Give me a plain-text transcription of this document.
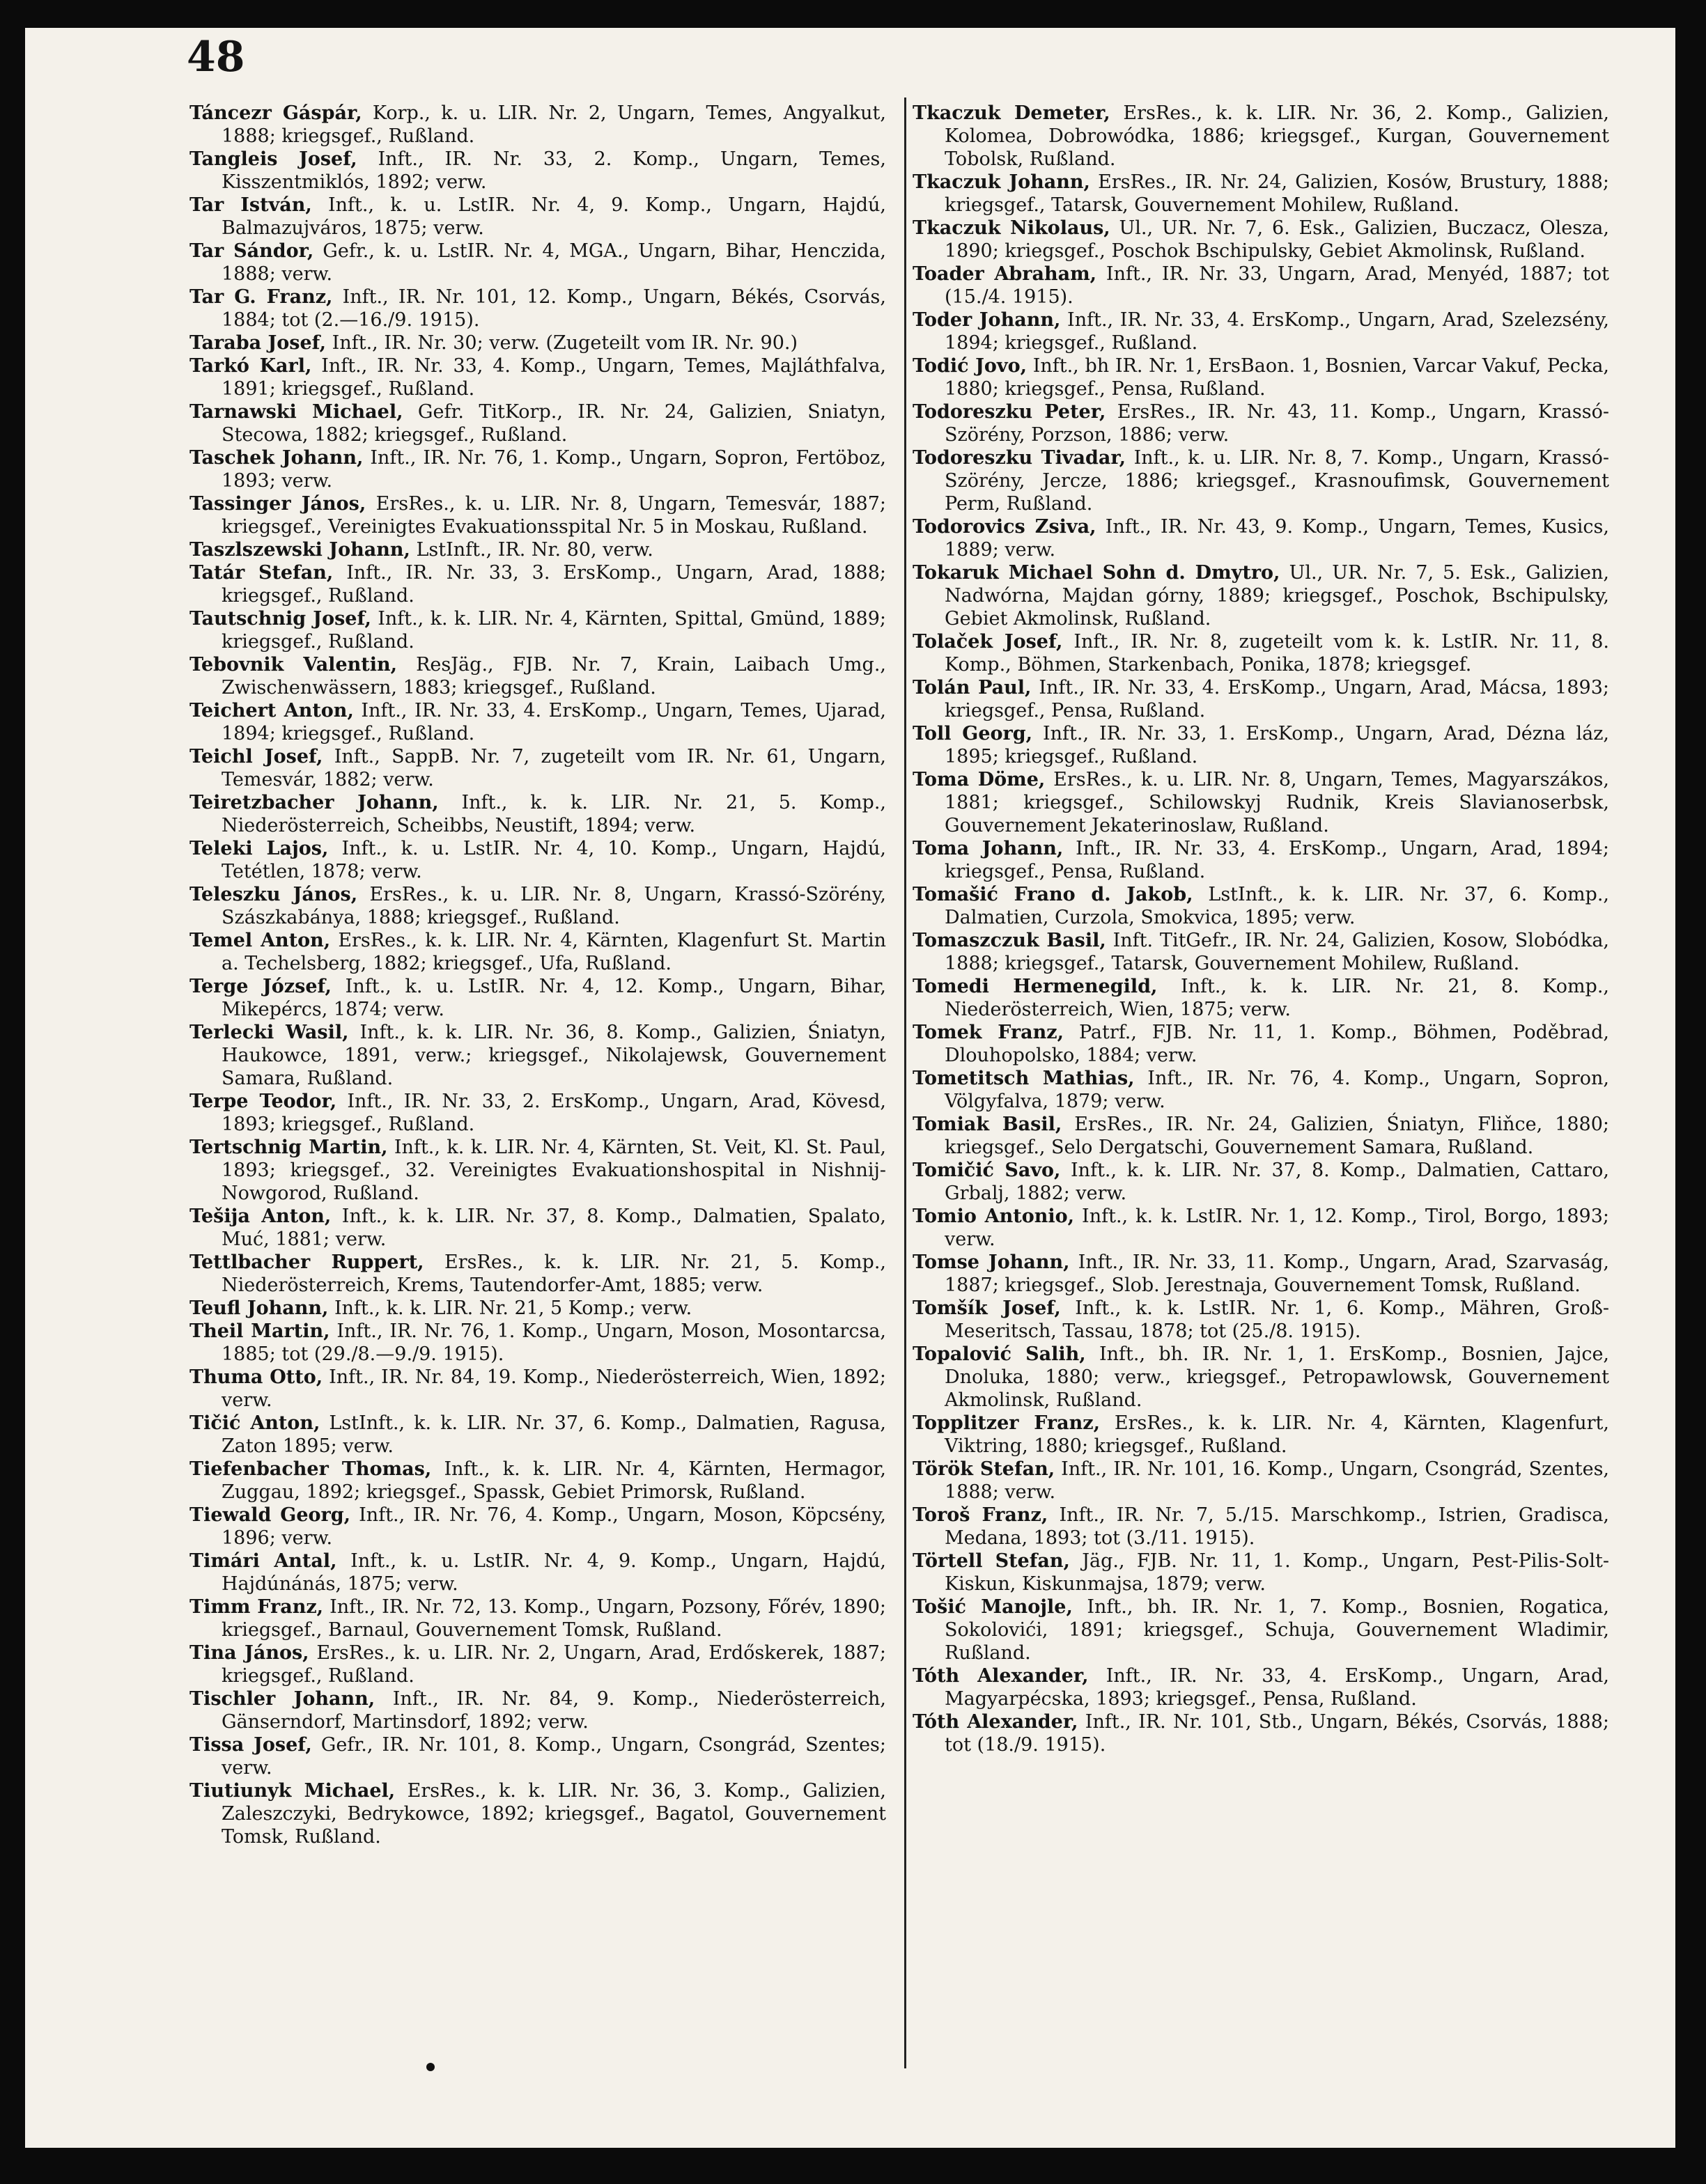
48

Táncezr Gáspár, Korp., k. u. LIR. Nr. 2, Ungarn, Temes, Angyalkut, 1888; kriegsgef., Rußland.

Tangleis Josef, Inft., IR. Nr. 33, 2. Komp., Ungarn, Temes, Kisszentmiklós, 1892; verw.

Tar István, Inft., k. u. LstIR. Nr. 4, 9. Komp., Ungarn, Hajdú, Balmazujváros, 1875; verw.

Tar Sándor, Gefr., k. u. LstIR. Nr. 4, MGA., Ungarn, Bihar, Henczida, 1888; verw.

Tar G. Franz, Inft., IR. Nr. 101, 12. Komp., Ungarn, Békés, Csorvás, 1884; tot (2.—16./9. 1915).

Taraba Josef, Inft., IR. Nr. 30; verw. (Zugeteilt vom IR. Nr. 90.)

Tarkó Karl, Inft., IR. Nr. 33, 4. Komp., Ungarn, Temes, Majláthfalva, 1891; kriegsgef., Rußland.

Tarnawski Michael, Gefr. TitKorp., IR. Nr. 24, Galizien, Sniatyn, Stecowa, 1882; kriegsgef., Rußland.

Taschek Johann, Inft., IR. Nr. 76, 1. Komp., Ungarn, Sopron, Fertöboz, 1893; verw.

Tassinger János, ErsRes., k. u. LIR. Nr. 8, Ungarn, Temesvár, 1887; kriegsgef., Vereinigtes Evakuationsspital Nr. 5 in Moskau, Rußland.

Taszlszewski Johann, LstInft., IR. Nr. 80, verw.

Tatár Stefan, Inft., IR. Nr. 33, 3. ErsKomp., Ungarn, Arad, 1888; kriegsgef., Rußland.

Tautschnig Josef, Inft., k. k. LIR. Nr. 4, Kärnten, Spittal, Gmünd, 1889; kriegsgef., Rußland.

Tebovnik Valentin, ResJäg., FJB. Nr. 7, Krain, Laibach Umg., Zwischenwässern, 1883; kriegsgef., Rußland.

Teichert Anton, Inft., IR. Nr. 33, 4. ErsKomp., Ungarn, Temes, Ujarad, 1894; kriegsgef., Rußland.

Teichl Josef, Inft., SappB. Nr. 7, zugeteilt vom IR. Nr. 61, Ungarn, Temesvár, 1882; verw.

Teiretzbacher Johann, Inft., k. k. LIR. Nr. 21, 5. Komp., Niederösterreich, Scheibbs, Neustift, 1894; verw.

Teleki Lajos, Inft., k. u. LstIR. Nr. 4, 10. Komp., Ungarn, Hajdú, Tetétlen, 1878; verw.

Teleszku János, ErsRes., k. u. LIR. Nr. 8, Ungarn, Krassó-Szörény, Szászkabánya, 1888; kriegsgef., Rußland.

Temel Anton, ErsRes., k. k. LIR. Nr. 4, Kärnten, Klagenfurt St. Martin a. Techelsberg, 1882; kriegsgef., Ufa, Rußland.

Terge József, Inft., k. u. LstIR. Nr. 4, 12. Komp., Ungarn, Bihar, Mikepércs, 1874; verw.

Terlecki Wasil, Inft., k. k. LIR. Nr. 36, 8. Komp., Galizien, Śniatyn, Haukowce, 1891, verw.; kriegsgef., Nikolajewsk, Gouvernement Samara, Rußland.

Terpe Teodor, Inft., IR. Nr. 33, 2. ErsKomp., Ungarn, Arad, Kövesd, 1893; kriegsgef., Rußland.

Tertschnig Martin, Inft., k. k. LIR. Nr. 4, Kärnten, St. Veit, Kl. St. Paul, 1893; kriegsgef., 32. Vereinigtes Evakuationshospital in Nishnij-Nowgorod, Rußland.

Tešija Anton, Inft., k. k. LIR. Nr. 37, 8. Komp., Dalmatien, Spalato, Muć, 1881; verw.

Tettlbacher Ruppert, ErsRes., k. k. LIR. Nr. 21, 5. Komp., Niederösterreich, Krems, Tautendorfer-Amt, 1885; verw.

Teufl Johann, Inft., k. k. LIR. Nr. 21, 5 Komp.; verw.

Theil Martin, Inft., IR. Nr. 76, 1. Komp., Ungarn, Moson, Mosontarcsa, 1885; tot (29./8.—9./9. 1915).

Thuma Otto, Inft., IR. Nr. 84, 19. Komp., Niederösterreich, Wien, 1892; verw.

Tičić Anton, LstInft., k. k. LIR. Nr. 37, 6. Komp., Dalmatien, Ragusa, Zaton 1895; verw.

Tiefenbacher Thomas, Inft., k. k. LIR. Nr. 4, Kärnten, Hermagor, Zuggau, 1892; kriegsgef., Spassk, Gebiet Primorsk, Rußland.

Tiewald Georg, Inft., IR. Nr. 76, 4. Komp., Ungarn, Moson, Köpcsény, 1896; verw.

Timári Antal, Inft., k. u. LstIR. Nr. 4, 9. Komp., Ungarn, Hajdú, Hajdúnánás, 1875; verw.

Timm Franz, Inft., IR. Nr. 72, 13. Komp., Ungarn, Pozsony, Főrév, 1890; kriegsgef., Barnaul, Gouvernement Tomsk, Rußland.

Tina János, ErsRes., k. u. LIR. Nr. 2, Ungarn, Arad, Erdőskerek, 1887; kriegsgef., Rußland.

Tischler Johann, Inft., IR. Nr. 84, 9. Komp., Niederösterreich, Gänserndorf, Martinsdorf, 1892; verw.

Tissa Josef, Gefr., IR. Nr. 101, 8. Komp., Ungarn, Csongrád, Szentes; verw.

Tiutiunyk Michael, ErsRes., k. k. LIR. Nr. 36, 3. Komp., Galizien, Zaleszczyki, Bedrykowce, 1892; kriegsgef., Bagatol, Gouvernement Tomsk, Rußland.

Tkaczuk Demeter, ErsRes., k. k. LIR. Nr. 36, 2. Komp., Galizien, Kolomea, Dobrowódka, 1886; kriegsgef., Kurgan, Gouvernement Tobolsk, Rußland.

Tkaczuk Johann, ErsRes., IR. Nr. 24, Galizien, Kosów, Brustury, 1888; kriegsgef., Tatarsk, Gouvernement Mohilew, Rußland.

Tkaczuk Nikolaus, Ul., UR. Nr. 7, 6. Esk., Galizien, Buczacz, Olesza, 1890; kriegsgef., Poschok Bschipulsky, Gebiet Akmolinsk, Rußland.

Toader Abraham, Inft., IR. Nr. 33, Ungarn, Arad, Menyéd, 1887; tot (15./4. 1915).

Toder Johann, Inft., IR. Nr. 33, 4. ErsKomp., Ungarn, Arad, Szelezsény, 1894; kriegsgef., Rußland.

Todić Jovo, Inft., bh IR. Nr. 1, ErsBaon. 1, Bosnien, Varcar Vakuf, Pecka, 1880; kriegsgef., Pensa, Rußland.

Todoreszku Peter, ErsRes., IR. Nr. 43, 11. Komp., Ungarn, Krassó-Szörény, Porzson, 1886; verw.

Todoreszku Tivadar, Inft., k. u. LIR. Nr. 8, 7. Komp., Ungarn, Krassó-Szörény, Jercze, 1886; kriegsgef., Krasnoufimsk, Gouvernement Perm, Rußland.

Todorovics Zsiva, Inft., IR. Nr. 43, 9. Komp., Ungarn, Temes, Kusics, 1889; verw.

Tokaruk Michael Sohn d. Dmytro, Ul., UR. Nr. 7, 5. Esk., Galizien, Nadwórna, Majdan górny, 1889; kriegsgef., Poschok, Bschipulsky, Gebiet Akmolinsk, Rußland.

Tolaček Josef, Inft., IR. Nr. 8, zugeteilt vom k. k. LstIR. Nr. 11, 8. Komp., Böhmen, Starkenbach, Ponika, 1878; kriegsgef.

Tolán Paul, Inft., IR. Nr. 33, 4. ErsKomp., Ungarn, Arad, Mácsa, 1893; kriegsgef., Pensa, Rußland.

Toll Georg, Inft., IR. Nr. 33, 1. ErsKomp., Ungarn, Arad, Dézna láz, 1895; kriegsgef., Rußland.

Toma Döme, ErsRes., k. u. LIR. Nr. 8, Ungarn, Temes, Magyarszákos, 1881; kriegsgef., Schilowskyj Rudnik, Kreis Slavianoserbsk, Gouvernement Jekaterinoslaw, Rußland.

Toma Johann, Inft., IR. Nr. 33, 4. ErsKomp., Ungarn, Arad, 1894; kriegsgef., Pensa, Rußland.

Tomašić Frano d. Jakob, LstInft., k. k. LIR. Nr. 37, 6. Komp., Dalmatien, Curzola, Smokvica, 1895; verw.

Tomaszczuk Basil, Inft. TitGefr., IR. Nr. 24, Galizien, Kosow, Slobódka, 1888; kriegsgef., Tatarsk, Gouvernement Mohilew, Rußland.

Tomedi Hermenegild, Inft., k. k. LIR. Nr. 21, 8. Komp., Niederösterreich, Wien, 1875; verw.

Tomek Franz, Patrf., FJB. Nr. 11, 1. Komp., Böhmen, Poděbrad, Dlouhopolsko, 1884; verw.

Tometitsch Mathias, Inft., IR. Nr. 76, 4. Komp., Ungarn, Sopron, Völgyfalva, 1879; verw.

Tomiak Basil, ErsRes., IR. Nr. 24, Galizien, Śniatyn, Fliňce, 1880; kriegsgef., Selo Dergatschi, Gouvernement Samara, Rußland.

Tomičić Savo, Inft., k. k. LIR. Nr. 37, 8. Komp., Dalmatien, Cattaro, Grbalj, 1882; verw.

Tomio Antonio, Inft., k. k. LstIR. Nr. 1, 12. Komp., Tirol, Borgo, 1893; verw.

Tomse Johann, Inft., IR. Nr. 33, 11. Komp., Ungarn, Arad, Szarvaság, 1887; kriegsgef., Slob. Jerestnaja, Gouvernement Tomsk, Rußland.

Tomšík Josef, Inft., k. k. LstIR. Nr. 1, 6. Komp., Mähren, Groß-Meseritsch, Tassau, 1878; tot (25./8. 1915).

Topalović Salih, Inft., bh. IR. Nr. 1, 1. ErsKomp., Bosnien, Jajce, Dnoluka, 1880; verw., kriegsgef., Petropawlowsk, Gouvernement Akmolinsk, Rußland.

Topplitzer Franz, ErsRes., k. k. LIR. Nr. 4, Kärnten, Klagenfurt, Viktring, 1880; kriegsgef., Rußland.

Török Stefan, Inft., IR. Nr. 101, 16. Komp., Ungarn, Csongrád, Szentes, 1888; verw.

Toroš Franz, Inft., IR. Nr. 7, 5./15. Marschkomp., Istrien, Gradisca, Medana, 1893; tot (3./11. 1915).

Törtell Stefan, Jäg., FJB. Nr. 11, 1. Komp., Ungarn, Pest-Pilis-Solt-Kiskun, Kiskunmajsa, 1879; verw.

Tošić Manojle, Inft., bh. IR. Nr. 1, 7. Komp., Bosnien, Rogatica, Sokolovići, 1891; kriegsgef., Schuja, Gouvernement Wladimir, Rußland.

Tóth Alexander, Inft., IR. Nr. 33, 4. ErsKomp., Ungarn, Arad, Magyarpécska, 1893; kriegsgef., Pensa, Rußland.

Tóth Alexander, Inft., IR. Nr. 101, Stb., Ungarn, Békés, Csorvás, 1888; tot (18./9. 1915).
